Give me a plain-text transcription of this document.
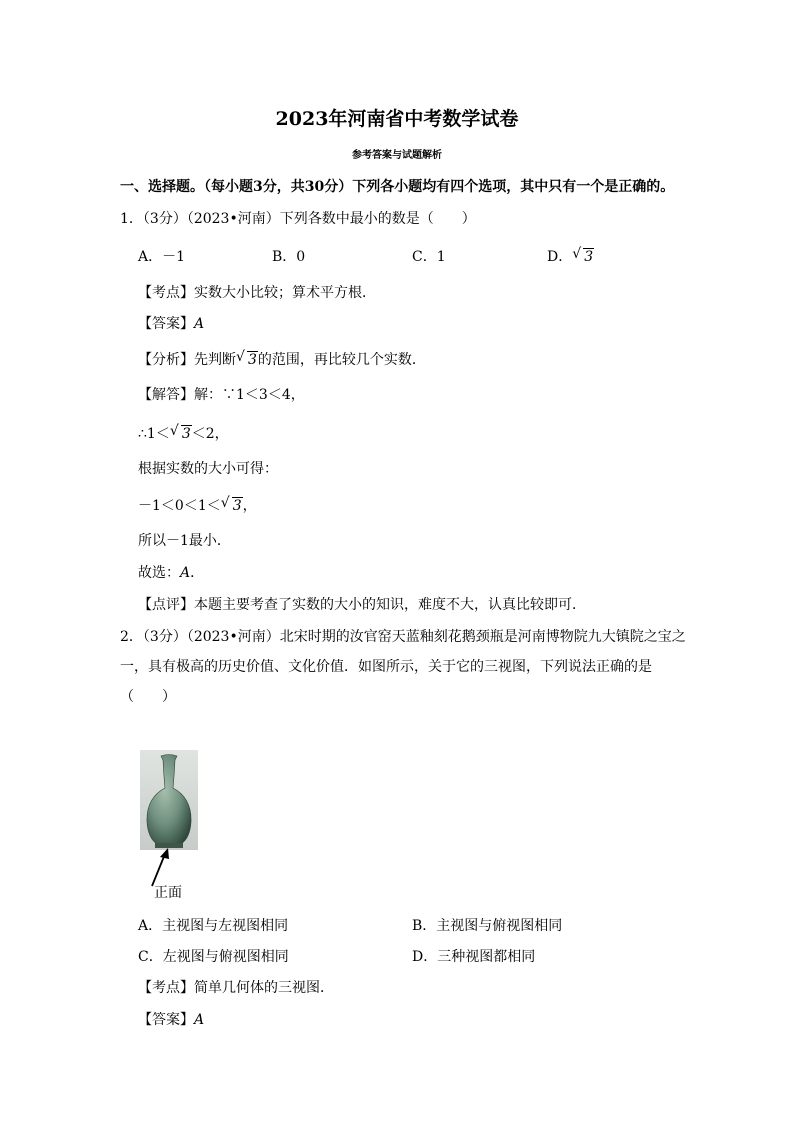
2023年河南省中考数学试卷
参考答案与试题解析
一、选择题。（每小题3分，共30分）下列各小题均有四个选项，其中只有一个是正确的。
1．（3分）（2023•河南）下列各数中最小的数是（　　）
A．－1	B．0	C．1	D． √ 3
【考点】实数大小比较；算术平方根．
【答案】A
【分析】先判断 √ 3的范围，再比较几个实数．
【解答】解：∵1＜3＜4，
∴1＜ √ 3＜2，
根据实数的大小可得：
－1＜0＜1＜ √ 3，
所以－1最小．
故选：A．
【点评】本题主要考查了实数的大小的知识，难度不大，认真比较即可．
2．（3分）（2023•河南）北宋时期的汝官窑天蓝釉刻花鹅颈瓶是河南博物院九大镇院之宝之
一，具有极高的历史价值、文化价值．如图所示，关于它的三视图，下列说法正确的是
（　　）
正面
A．主视图与左视图相同	B．主视图与俯视图相同
C．左视图与俯视图相同	D．三种视图都相同
【考点】简单几何体的三视图．
【答案】A
